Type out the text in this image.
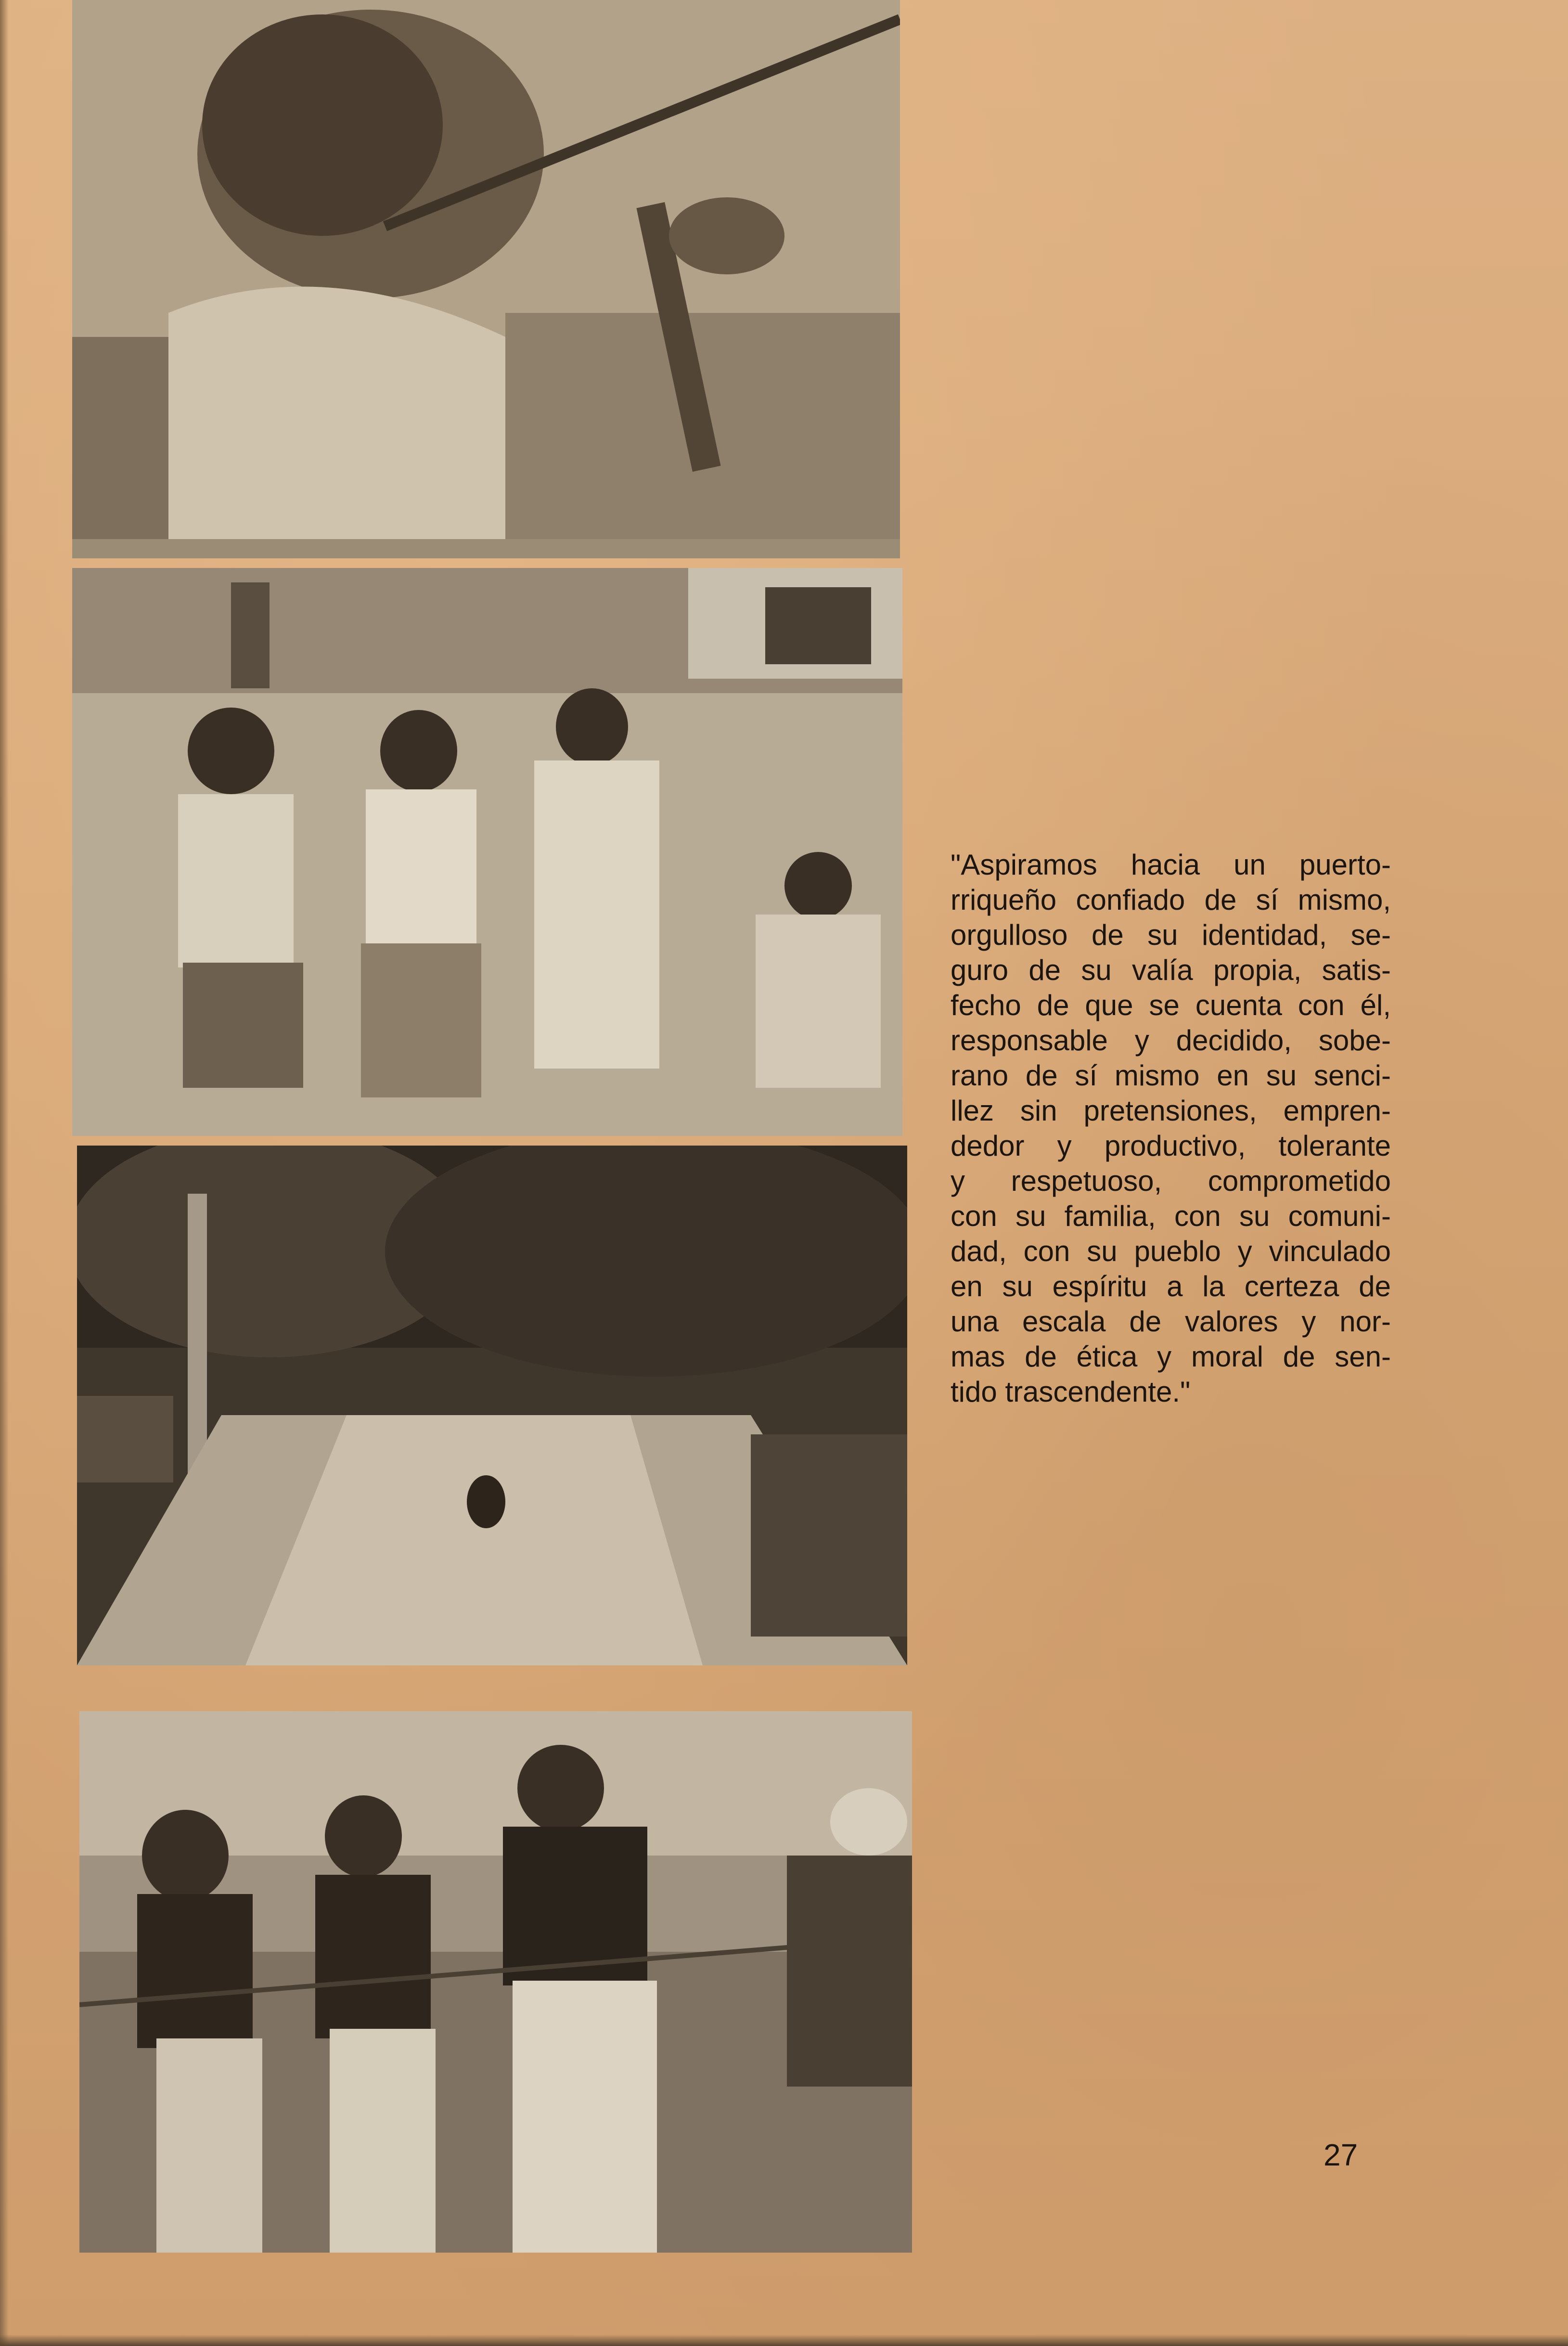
"Aspiramos hacia un puerto-
rriqueño confiado de sí mismo,
orgulloso de su identidad, se-
guro de su valía propia, satis-
fecho de que se cuenta con él,
responsable y decidido, sobe-
rano de sí mismo en su senci-
llez sin pretensiones, empren-
dedor y productivo, tolerante
y respetuoso, comprometido
con su familia, con su comuni-
dad, con su pueblo y vinculado
en su espíritu a la certeza de
una escala de valores y nor-
mas de ética y moral de sen-
tido trascendente."

27
